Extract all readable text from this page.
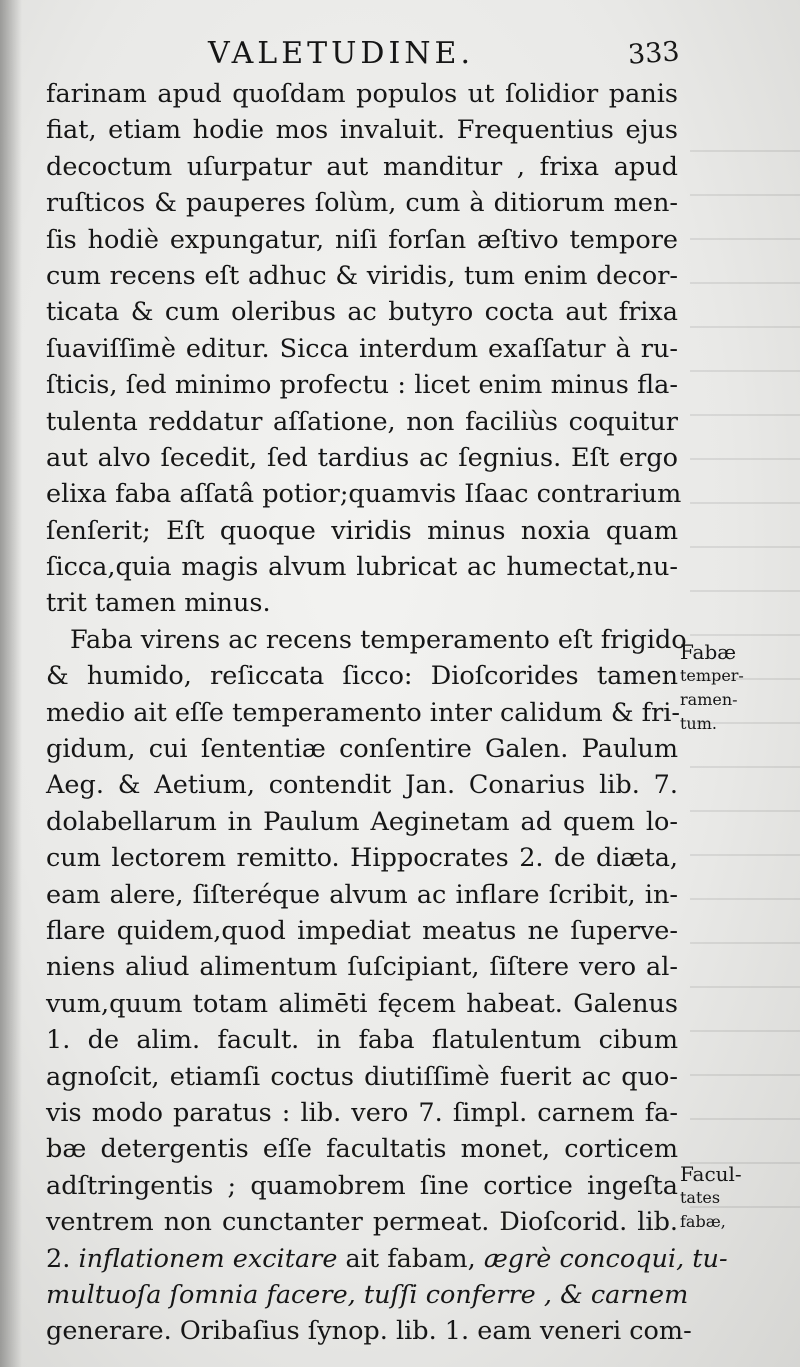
VALETUDINE.	333
farinam apud quoſdam populos ut ſolidior panis
fiat, etiam hodie mos invaluit. Frequentius ejus
decoctum uſurpatur aut manditur , frixa apud
ruſticos & pauperes ſolùm, cum à ditiorum men-
ſis hodiè expungatur, niſi forſan æſtivo tempore
cum recens eſt adhuc & viridis, tum enim decor-
ticata & cum oleribus ac butyro cocta aut frixa
ſuaviſſimè editur. Sicca interdum exaſſatur à ru-
ſticis, ſed minimo profectu : licet enim minus fla-
tulenta reddatur aſſatione, non faciliùs coquitur
aut alvo ſecedit, ſed tardius ac ſegnius. Eſt ergo
elixa faba aſſatâ potior;quamvis Iſaac contrarium
ſenſerit; Eſt quoque viridis minus noxia quam
ſicca,quia magis alvum lubricat ac humectat,nu-
trit tamen minus.
Faba virens ac recens temperamento eſt frigido
& humido, reſiccata ſicco: Dioſcorides tamen
medio ait eſſe temperamento inter calidum & fri-
gidum, cui ſententiæ conſentire Galen. Paulum
Aeg. & Aetium, contendit Jan. Conarius lib. 7.
dolabellarum in Paulum Aeginetam ad quem lo-
cum lectorem remitto. Hippocrates 2. de diæta,
eam alere, ſiſteréque alvum ac inflare ſcribit, in-
flare quidem,quod impediat meatus ne ſuperve-
niens aliud alimentum ſuſcipiant, ſiſtere vero al-
vum,quum totam alimēti fęcem habeat. Galenus
1. de alim. facult. in faba flatulentum cibum
agnoſcit, etiamſi coctus diutiſſimè fuerit ac quo-
vis modo paratus : lib. vero 7. ſimpl. carnem fa-
bæ detergentis eſſe facultatis monet, corticem
adſtringentis ; quamobrem ſine cortice ingeſta
ventrem non cunctanter permeat. Dioſcorid. lib.
2. inflationem excitare ait fabam, ægrè concoqui, tu-
multuoſa ſomnia facere, tuſſi conferre , & carnem
generare. Oribaſius ſynop. lib. 1. eam veneri com-
Fabæ
temper-
ramen-
tum.
Facul-
tates
fabæ,
